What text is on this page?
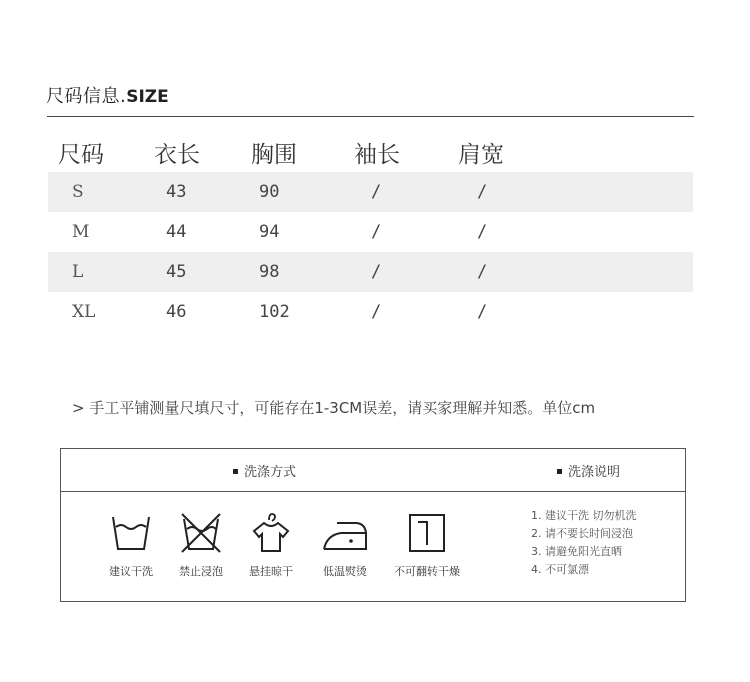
尺码信息.SIZE
尺码 衣长 胸围 袖长	肩宽
S	43	90	/	/
M	44	94	/	/
L	45	98	/	/
XL	46	102	/	/
> 手工平铺测量尺填尺寸，可能存在1-3CM误差，请买家理解并知悉。单位cm
洗涤方式	洗涤说明
建议干洗	禁止浸泡	悬挂晾干	低温熨烫	不可翻转干燥
1. 建议干洗 切勿机洗
2. 请不要长时间浸泡
3. 请避免阳光直晒
4. 不可氯漂
